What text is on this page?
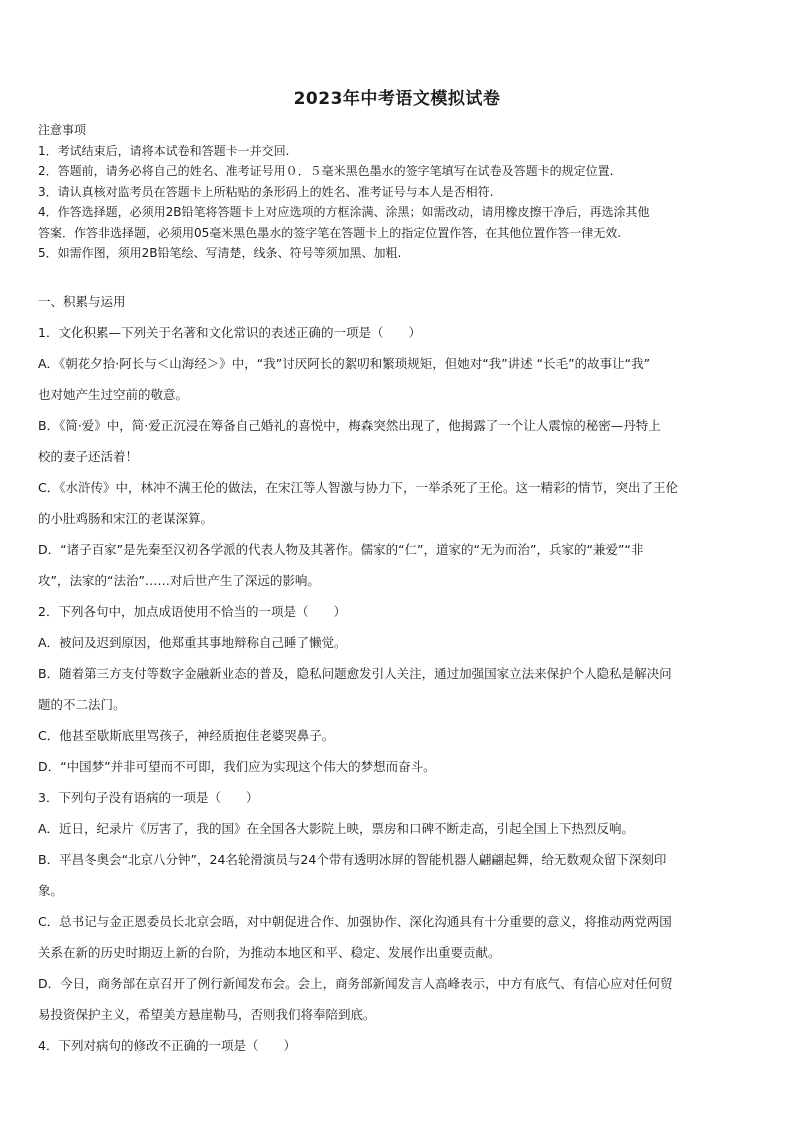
2023年中考语文模拟试卷

注意事项

1．考试结束后，请将本试卷和答题卡一并交回.

2．答题前，请务必将自己的姓名、准考证号用０．５毫米黑色墨水的签字笔填写在试卷及答题卡的规定位置.

3．请认真核对监考员在答题卡上所粘贴的条形码上的姓名、准考证号与本人是否相符.

4．作答选择题，必须用2B铅笔将答题卡上对应选项的方框涂满、涂黑；如需改动，请用橡皮擦干净后，再选涂其他

答案．作答非选择题，必须用05毫米黑色墨水的签字笔在答题卡上的指定位置作答，在其他位置作答一律无效.

5．如需作图，须用2B铅笔绘、写清楚，线条、符号等须加黑、加粗.

一、积累与运用

1．文化积累—下列关于名著和文化常识的表述正确的一项是（　　）

A．《朝花夕拾·阿长与＜山海经＞》中，“我”讨厌阿长的絮叨和繁琐规矩，但她对“我”讲述 “长毛”的故事让“我”

也对她产生过空前的敬意。

B．《简·爱》中，简·爱正沉浸在筹备自己婚礼的喜悦中，梅森突然出现了，他揭露了一个让人震惊的秘密—丹特上

校的妻子还活着！

C．《水浒传》中，林冲不满王伦的做法，在宋江等人智激与协力下，一举杀死了王伦。这一精彩的情节，突出了王伦

的小肚鸡肠和宋江的老谋深算。

D．“诸子百家”是先秦至汉初各学派的代表人物及其著作。儒家的“仁”，道家的“无为而治”，兵家的“兼爱”“非

攻”，法家的“法治”……对后世产生了深远的影响。

2．下列各句中，加点成语使用不恰当的一项是（　　）

A．被问及迟到原因，他郑重其事地辩称自己睡了懒觉。

B．随着第三方支付等数字金融新业态的普及，隐私问题愈发引人关注，通过加强国家立法来保护个人隐私是解决问

题的不二法门。

C．他甚至歇斯底里骂孩子，神经质抱住老婆哭鼻子。

D．“中国梦”并非可望而不可即，我们应为实现这个伟大的梦想而奋斗。

3．下列句子没有语病的一项是（　　）

A．近日，纪录片《厉害了，我的国》在全国各大影院上映，票房和口碑不断走高，引起全国上下热烈反响。

B．平昌冬奥会“北京八分钟”，24名轮滑演员与24个带有透明冰屏的智能机器人翩翩起舞，给无数观众留下深刻印

象。

C．总书记与金正恩委员长北京会晤，对中朝促进合作、加强协作、深化沟通具有十分重要的意义，将推动两党两国

关系在新的历史时期迈上新的台阶，为推动本地区和平、稳定、发展作出重要贡献。

D．今日，商务部在京召开了例行新闻发布会。会上，商务部新闻发言人高峰表示，中方有底气、有信心应对任何贸

易投资保护主义，希望美方悬崖勒马，否则我们将奉陪到底。

4．下列对病句的修改不正确的一项是（　　）
